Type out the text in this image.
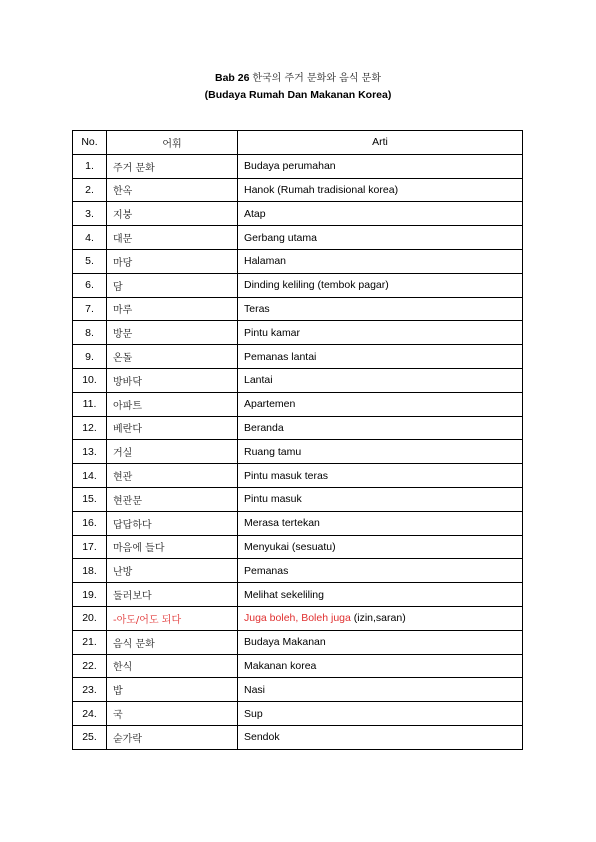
Bab 26 한국의 주거 문화와 음식 문화
(Budaya Rumah Dan Makanan Korea)
No.	어휘	Arti
1.	주거 문화	Budaya perumahan
2.	한옥	Hanok (Rumah tradisional korea)
3.	지붕	Atap
4.	대문	Gerbang utama
5.	마당	Halaman
6.	담	Dinding keliling (tembok pagar)
7.	마루	Teras
8.	방문	Pintu kamar
9.	온돌	Pemanas lantai
10.	방바닥	Lantai
11.	아파트	Apartemen
12.	베란다	Beranda
13.	거실	Ruang tamu
14.	현관	Pintu masuk teras
15.	현관문	Pintu masuk
16.	답답하다	Merasa tertekan
17.	마음에 들다	Menyukai (sesuatu)
18.	난방	Pemanas
19.	둘러보다	Melihat sekeliling
20.	-아도/어도 되다	Juga boleh, Boleh juga (izin,saran)
21.	음식 문화	Budaya Makanan
22.	한식	Makanan korea
23.	밥	Nasi
24.	국	Sup
25.	숟가락	Sendok
